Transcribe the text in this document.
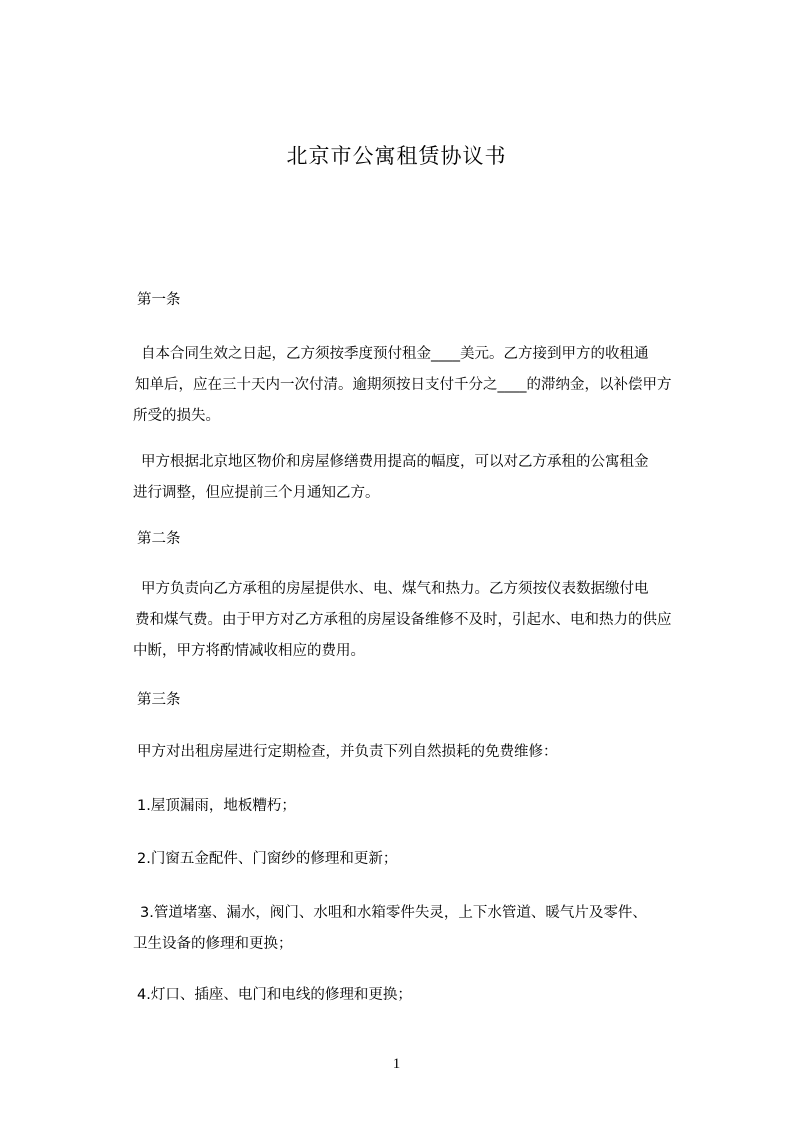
北京市公寓租赁协议书
第一条
自本合同生效之日起，乙方须按季度预付租金____美元。乙方接到甲方的收租通
知单后，应在三十天内一次付清。逾期须按日支付千分之____的滞纳金，以补偿甲方
所受的损失。
甲方根据北京地区物价和房屋修缮费用提高的幅度，可以对乙方承租的公寓租金
进行调整，但应提前三个月通知乙方。
第二条
甲方负责向乙方承租的房屋提供水、电、煤气和热力。乙方须按仪表数据缴付电
费和煤气费。由于甲方对乙方承租的房屋设备维修不及时，引起水、电和热力的供应
中断，甲方将酌情减收相应的费用。
第三条
甲方对出租房屋进行定期检查，并负责下列自然损耗的免费维修：
1.屋顶漏雨，地板糟朽；
2.门窗五金配件、门窗纱的修理和更新；
3.管道堵塞、漏水，阀门、水咀和水箱零件失灵，上下水管道、暖气片及零件、
卫生设备的修理和更换；
4.灯口、插座、电门和电线的修理和更换；
1
